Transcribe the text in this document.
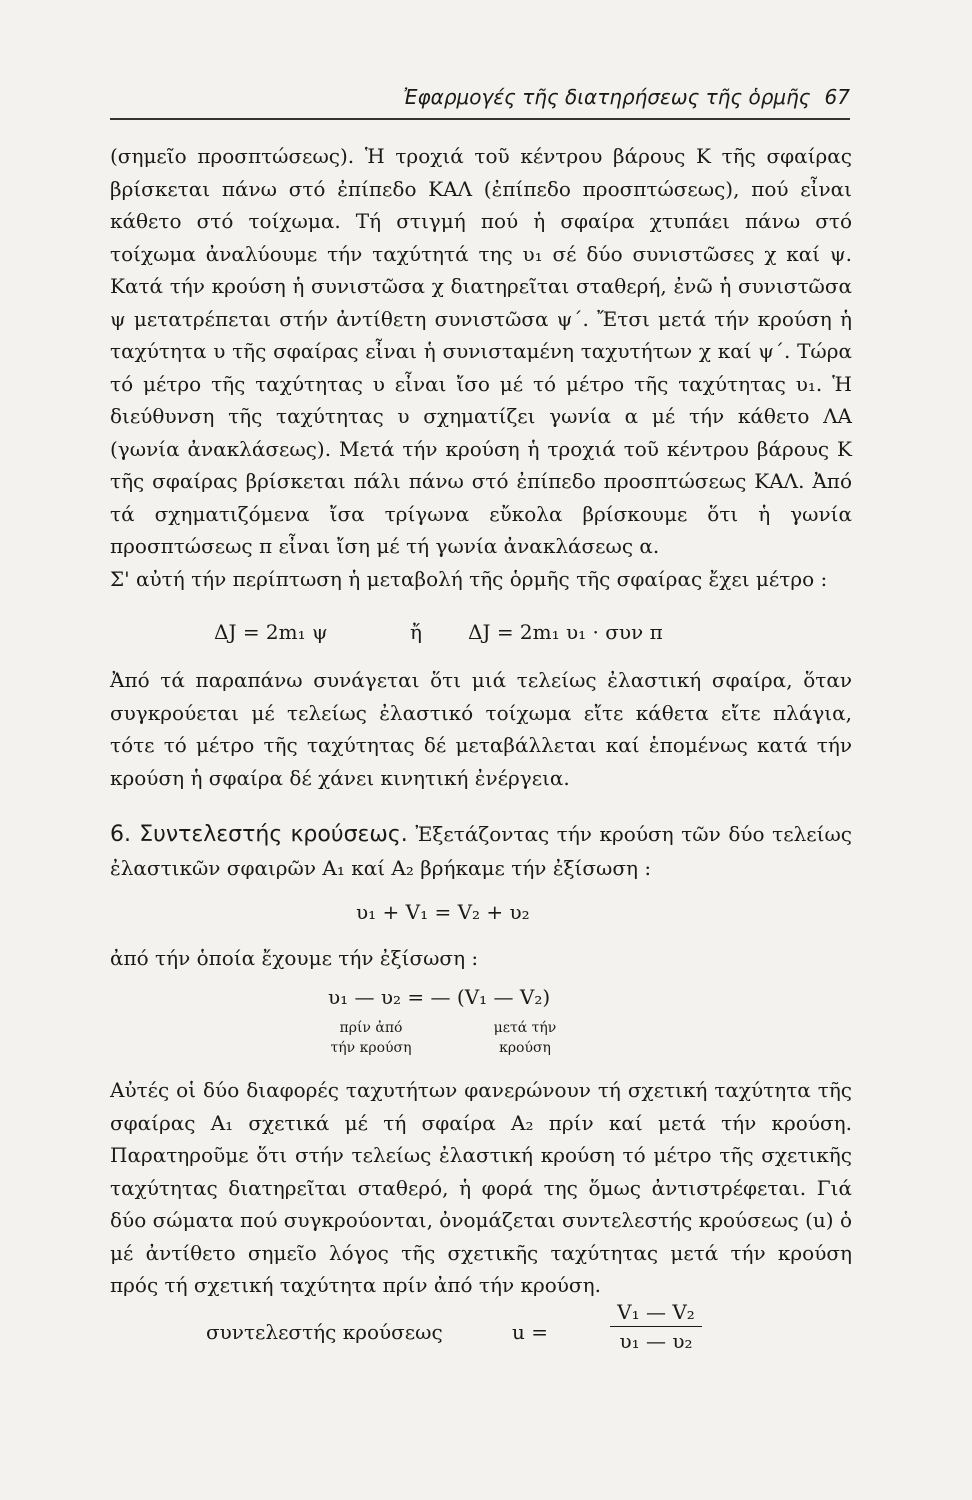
Ἐφαρμογές τῆς διατηρήσεως τῆς ὁρμῆς 67

(σημεῖο προσπτώσεως). Ἡ τροχιά τοῦ κέντρου βάρους Κ τῆς σφαίρας βρίσκεται πάνω στό ἐπίπεδο ΚΑΛ (ἐπίπεδο προσπτώσεως), πού εἶναι κάθετο στό τοίχωμα. Τή στιγμή πού ἡ σφαίρα χτυπάει πάνω στό τοίχωμα ἀναλύουμε τήν ταχύτητά της υ₁ σέ δύο συνιστῶσες χ καί ψ. Κατά τήν κρούση ἡ συνιστῶσα χ διατηρεῖται σταθερή, ἐνῶ ἡ συνιστῶσα ψ μετατρέπεται στήν ἀντίθετη συνιστῶσα ψ΄. Ἔτσι μετά τήν κρούση ἡ ταχύτητα υ τῆς σφαίρας εἶναι ἡ συνισταμένη ταχυτήτων χ καί ψ΄. Τώρα τό μέτρο τῆς ταχύτητας υ εἶναι ἴσο μέ τό μέτρο τῆς ταχύτητας υ₁. Ἡ διεύθυνση τῆς ταχύτητας υ σχηματίζει γωνία α μέ τήν κάθετο ΛΑ (γωνία ἀνακλάσεως). Μετά τήν κρούση ἡ τροχιά τοῦ κέντρου βάρους Κ τῆς σφαίρας βρίσκεται πάλι πάνω στό ἐπίπεδο προσπτώσεως ΚΑΛ. Ἀπό τά σχηματιζόμενα ἴσα τρίγωνα εὔκολα βρίσκουμε ὅτι ἡ γωνία προσπτώσεως π εἶναι ἴση μέ τή γωνία ἀνακλάσεως α.

Σ' αὐτή τήν περίπτωση ἡ μεταβολή τῆς ὁρμῆς τῆς σφαίρας ἔχει μέτρο :

ΔJ = 2m₁ ψ	ἤ ΔJ = 2m₁ υ₁ · συν π

Ἀπό τά παραπάνω συνάγεται ὅτι μιά τελείως ἐλαστική σφαίρα, ὅταν συγκρούεται μέ τελείως ἐλαστικό τοίχωμα εἴτε κάθετα εἴτε πλάγια, τότε τό μέτρο τῆς ταχύτητας δέ μεταβάλλεται καί ἑπομένως κατά τήν κρούση ἡ σφαίρα δέ χάνει κινητική ἐνέργεια.

6. Συντελεστής κρούσεως. Ἐξετάζοντας τήν κρούση τῶν δύο τελείως ἐλαστικῶν σφαιρῶν Α₁ καί Α₂ βρήκαμε τήν ἐξίσωση :

υ₁ + V₁ = V₂ + υ₂

ἀπό τήν ὁποία ἔχουμε τήν ἐξίσωση :

υ₁ — υ₂ = — (V₁ — V₂)
πρίν ἀπό
τήν κρούση
μετά τήν
κρούση

Αὐτές οἱ δύο διαφορές ταχυτήτων φανερώνουν τή σχετική ταχύτητα τῆς σφαίρας Α₁ σχετικά μέ τή σφαίρα Α₂ πρίν καί μετά τήν κρούση. Παρατηροῦμε ὅτι στήν τελείως ἐλαστική κρούση τό μέτρο τῆς σχετικῆς ταχύτητας διατηρεῖται σταθερό, ἡ φορά της ὅμως ἀντιστρέφεται. Γιά δύο σώματα πού συγκρούονται, ὀνομάζεται συντελεστής κρούσεως (u) ὁ μέ ἀντίθετο σημεῖο λόγος τῆς σχετικῆς ταχύτητας μετά τήν κρούση πρός τή σχετική ταχύτητα πρίν ἀπό τήν κρούση.

συντελεστής κρούσεως	u =
V₁ — V₂
υ₁ — υ₂
